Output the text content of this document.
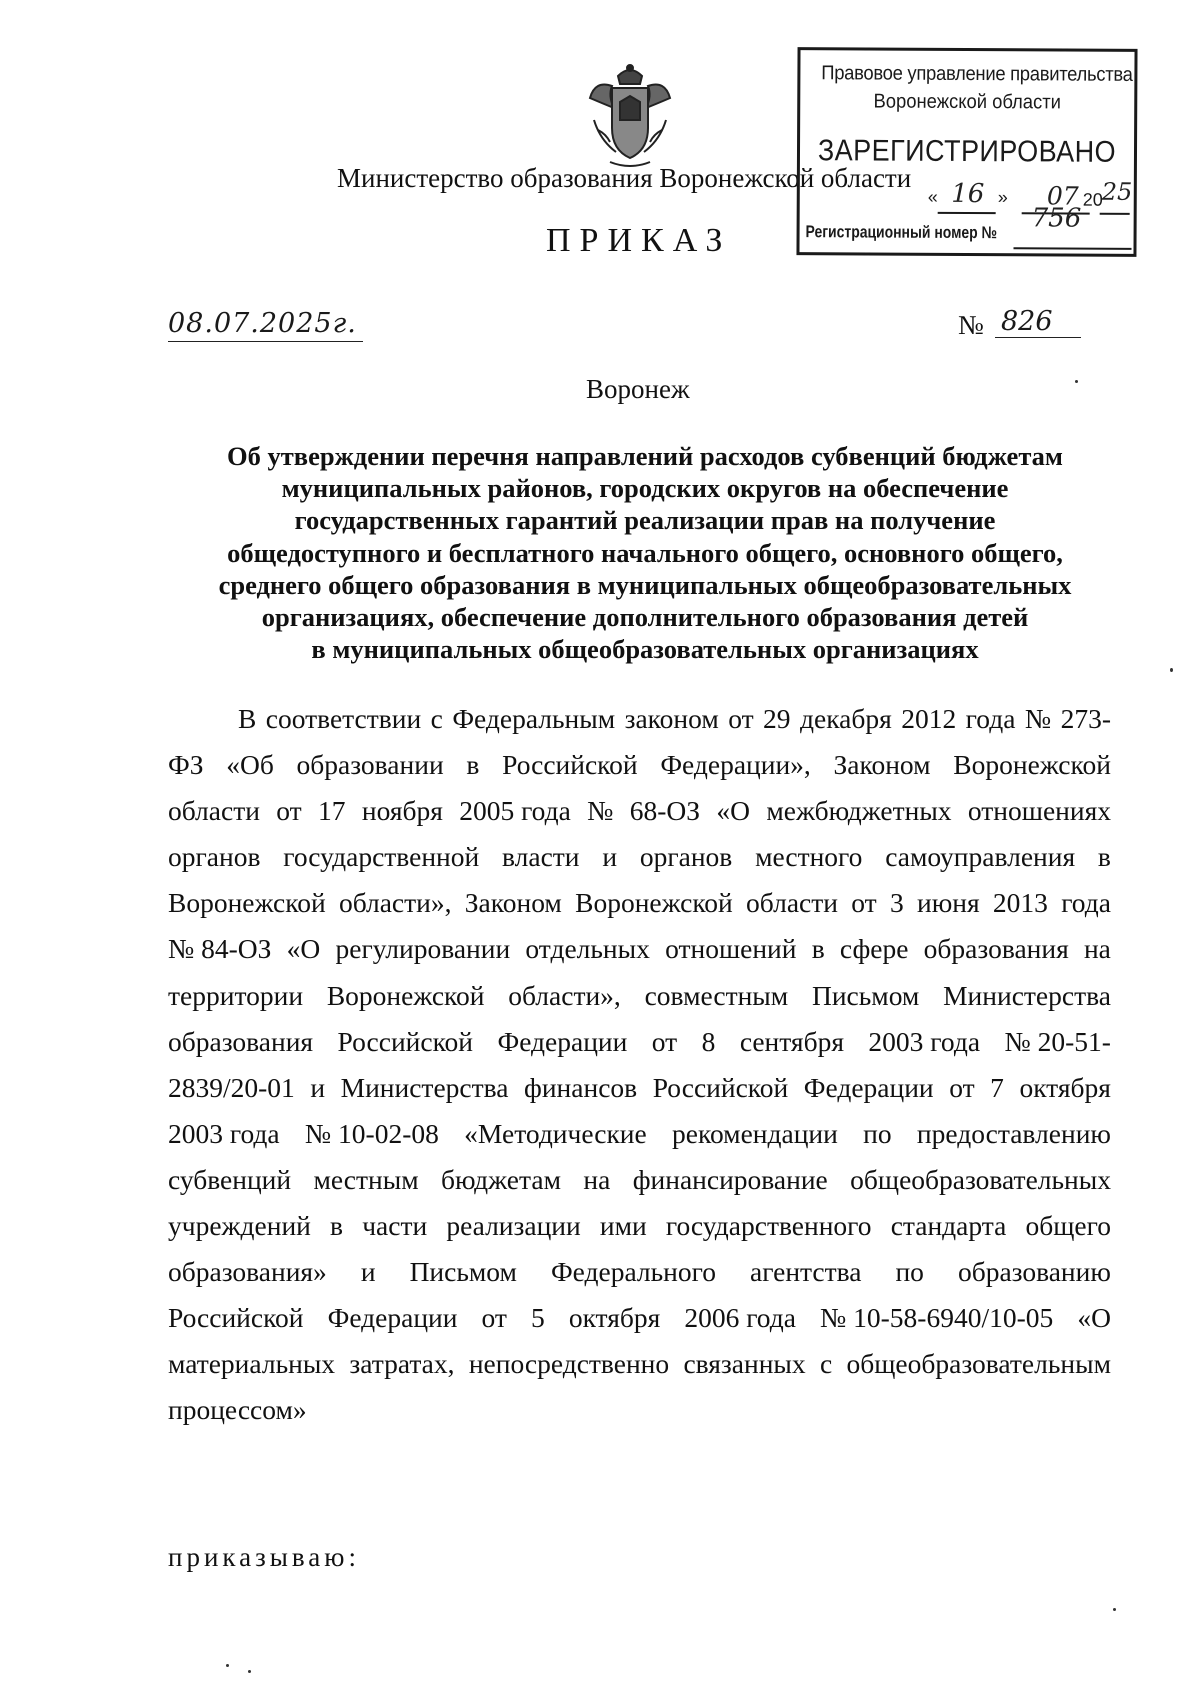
Министерство образования Воронежской области
ПРИКАЗ
Правовое управление правительства
Воронежской области
ЗАРЕГИСТРИРОВАНО
« 16 »	07 20
25
Регистрационный номер № 756
08.07.2025г.	№ 826
Воронеж
Об утверждении перечня направлений расходов субвенций бюджетам
муниципальных районов, городских округов на обеспечение
государственных гарантий реализации прав на получение
общедоступного и бесплатного начального общего, основного общего,
среднего общего образования в муниципальных общеобразовательных
организациях, обеспечение дополнительного образования детей
в муниципальных общеобразовательных организациях
В соответствии с Федеральным законом от 29 декабря 2012 года № 273-
ФЗ «Об образовании в Российской Федерации», Законом Воронежской
области от 17 ноября 2005 года № 68-ОЗ «О межбюджетных отношениях
органов государственной власти и органов местного самоуправления в
Воронежской области», Законом Воронежской области от 3 июня 2013 года
№ 84-ОЗ «О регулировании отдельных отношений в сфере образования на
территории Воронежской области», совместным Письмом Министерства
образования Российской Федерации от 8 сентября 2003 года № 20-51-
2839/20-01 и Министерства финансов Российской Федерации от 7 октября
2003 года № 10-02-08 «Методические рекомендации по предоставлению
субвенций местным бюджетам на финансирование общеобразовательных
учреждений в части реализации ими государственного стандарта общего
образования» и Письмом Федерального агентства по образованию
Российской Федерации от 5 октября 2006 года № 10-58-6940/10-05 «О
материальных затратах, непосредственно связанных с общеобразовательным
процессом»
приказываю:
